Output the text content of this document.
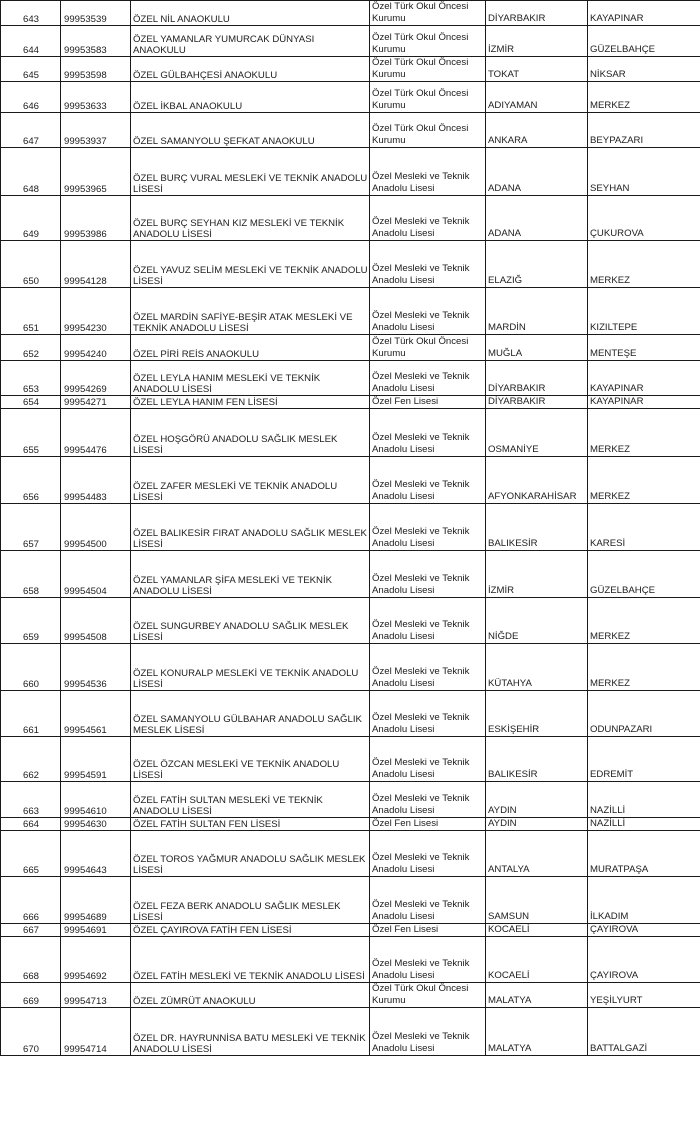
643	99953539	ÖZEL NİL ANAOKULU	Özel Türk Okul Öncesi Kurumu	DİYARBAKIR	KAYAPINAR
644	99953583	ÖZEL YAMANLAR YUMURCAK DÜNYASI ANAOKULU	Özel Türk Okul Öncesi Kurumu	İZMİR	GÜZELBAHÇE
645	99953598	ÖZEL GÜLBAHÇESİ ANAOKULU	Özel Türk Okul Öncesi Kurumu	TOKAT	NİKSAR
646	99953633	ÖZEL İKBAL ANAOKULU	Özel Türk Okul Öncesi Kurumu	ADIYAMAN	MERKEZ
647	99953937	ÖZEL SAMANYOLU ŞEFKAT ANAOKULU	Özel Türk Okul Öncesi Kurumu	ANKARA	BEYPAZARI
648	99953965	ÖZEL BURÇ VURAL MESLEKİ VE TEKNİK ANADOLU LİSESİ	Özel Mesleki ve Teknik Anadolu Lisesi	ADANA	SEYHAN
649	99953986	ÖZEL BURÇ SEYHAN KIZ MESLEKİ VE TEKNİK ANADOLU LİSESİ	Özel Mesleki ve Teknik Anadolu Lisesi	ADANA	ÇUKUROVA
650	99954128	ÖZEL YAVUZ SELİM MESLEKİ VE TEKNİK ANADOLU LİSESİ	Özel Mesleki ve Teknik Anadolu Lisesi	ELAZIĞ	MERKEZ
651	99954230	ÖZEL MARDİN SAFİYE-BEŞİR ATAK MESLEKİ VE TEKNİK ANADOLU LİSESİ	Özel Mesleki ve Teknik Anadolu Lisesi	MARDİN	KIZILTEPE
652	99954240	ÖZEL PİRİ REİS ANAOKULU	Özel Türk Okul Öncesi Kurumu	MUĞLA	MENTEŞE
653	99954269	ÖZEL LEYLA HANIM MESLEKİ VE TEKNİK ANADOLU LİSESİ	Özel Mesleki ve Teknik Anadolu Lisesi	DİYARBAKIR	KAYAPINAR
654	99954271	ÖZEL LEYLA HANIM FEN LİSESİ	Özel Fen Lisesi	DİYARBAKIR	KAYAPINAR
655	99954476	ÖZEL HOŞGÖRÜ ANADOLU SAĞLIK MESLEK LİSESİ	Özel Mesleki ve Teknik Anadolu Lisesi	OSMANİYE	MERKEZ
656	99954483	ÖZEL ZAFER MESLEKİ VE TEKNİK ANADOLU LİSESİ	Özel Mesleki ve Teknik Anadolu Lisesi	AFYONKARAHİSAR	MERKEZ
657	99954500	ÖZEL BALIKESİR FIRAT ANADOLU SAĞLIK MESLEK LİSESİ	Özel Mesleki ve Teknik Anadolu Lisesi	BALIKESİR	KARESİ
658	99954504	ÖZEL YAMANLAR ŞİFA MESLEKİ VE TEKNİK ANADOLU LİSESİ	Özel Mesleki ve Teknik Anadolu Lisesi	İZMİR	GÜZELBAHÇE
659	99954508	ÖZEL SUNGURBEY ANADOLU SAĞLIK MESLEK LİSESİ	Özel Mesleki ve Teknik Anadolu Lisesi	NİĞDE	MERKEZ
660	99954536	ÖZEL KONURALP MESLEKİ VE TEKNİK ANADOLU LİSESİ	Özel Mesleki ve Teknik Anadolu Lisesi	KÜTAHYA	MERKEZ
661	99954561	ÖZEL SAMANYOLU GÜLBAHAR ANADOLU SAĞLIK MESLEK LİSESİ	Özel Mesleki ve Teknik Anadolu Lisesi	ESKİŞEHİR	ODUNPAZARI
662	99954591	ÖZEL ÖZCAN MESLEKİ VE TEKNİK ANADOLU LİSESİ	Özel Mesleki ve Teknik Anadolu Lisesi	BALIKESİR	EDREMİT
663	99954610	ÖZEL FATİH SULTAN MESLEKİ VE TEKNİK ANADOLU LİSESİ	Özel Mesleki ve Teknik Anadolu Lisesi	AYDIN	NAZİLLİ
664	99954630	ÖZEL FATİH SULTAN FEN LİSESİ	Özel Fen Lisesi	AYDIN	NAZİLLİ
665	99954643	ÖZEL TOROS YAĞMUR ANADOLU SAĞLIK MESLEK LİSESİ	Özel Mesleki ve Teknik Anadolu Lisesi	ANTALYA	MURATPAŞA
666	99954689	ÖZEL FEZA BERK ANADOLU SAĞLIK MESLEK LİSESİ	Özel Mesleki ve Teknik Anadolu Lisesi	SAMSUN	İLKADIM
667	99954691	ÖZEL ÇAYIROVA FATİH FEN LİSESİ	Özel Fen Lisesi	KOCAELİ	ÇAYIROVA
668	99954692	ÖZEL FATİH MESLEKİ VE TEKNİK ANADOLU LİSESİ	Özel Mesleki ve Teknik Anadolu Lisesi	KOCAELİ	ÇAYIROVA
669	99954713	ÖZEL ZÜMRÜT ANAOKULU	Özel Türk Okul Öncesi Kurumu	MALATYA	YEŞİLYURT
670	99954714	ÖZEL DR. HAYRUNNİSA BATU MESLEKİ VE TEKNİK ANADOLU LİSESİ	Özel Mesleki ve Teknik Anadolu Lisesi	MALATYA	BATTALGAZİ
